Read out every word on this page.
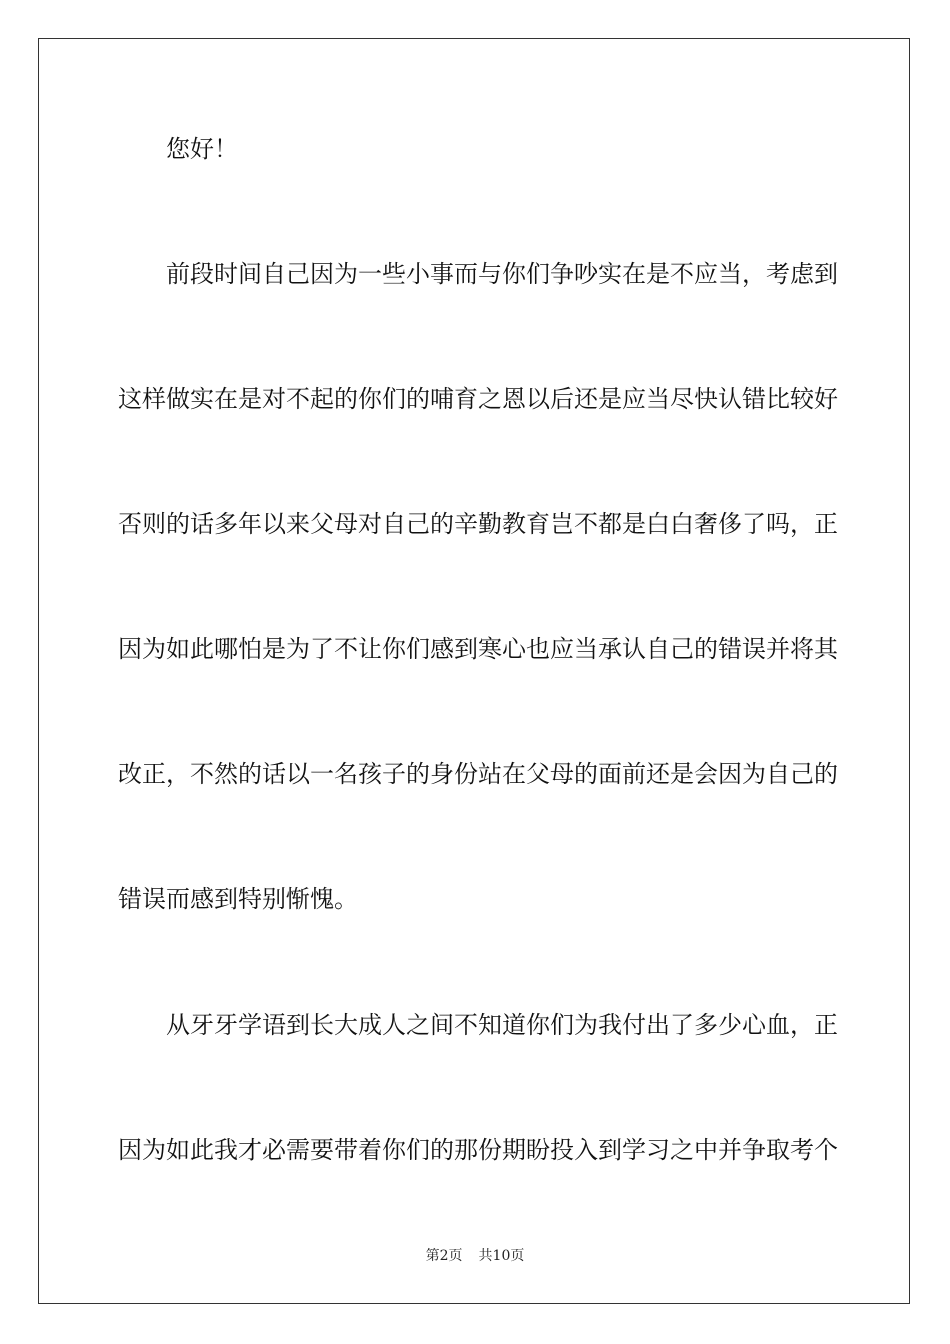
您好！
前段时间自己因为一些小事而与你们争吵实在是不应当，考虑到
这样做实在是对不起的你们的哺育之恩以后还是应当尽快认错比较好
否则的话多年以来父母对自己的辛勤教育岂不都是白白奢侈了吗，正
因为如此哪怕是为了不让你们感到寒心也应当承认自己的错误并将其
改正，不然的话以一名孩子的身份站在父母的面前还是会因为自己的
错误而感到特别惭愧。
从牙牙学语到长大成人之间不知道你们为我付出了多少心血，正
因为如此我才必需要带着你们的那份期盼投入到学习之中并争取考个
第2页 共10页
